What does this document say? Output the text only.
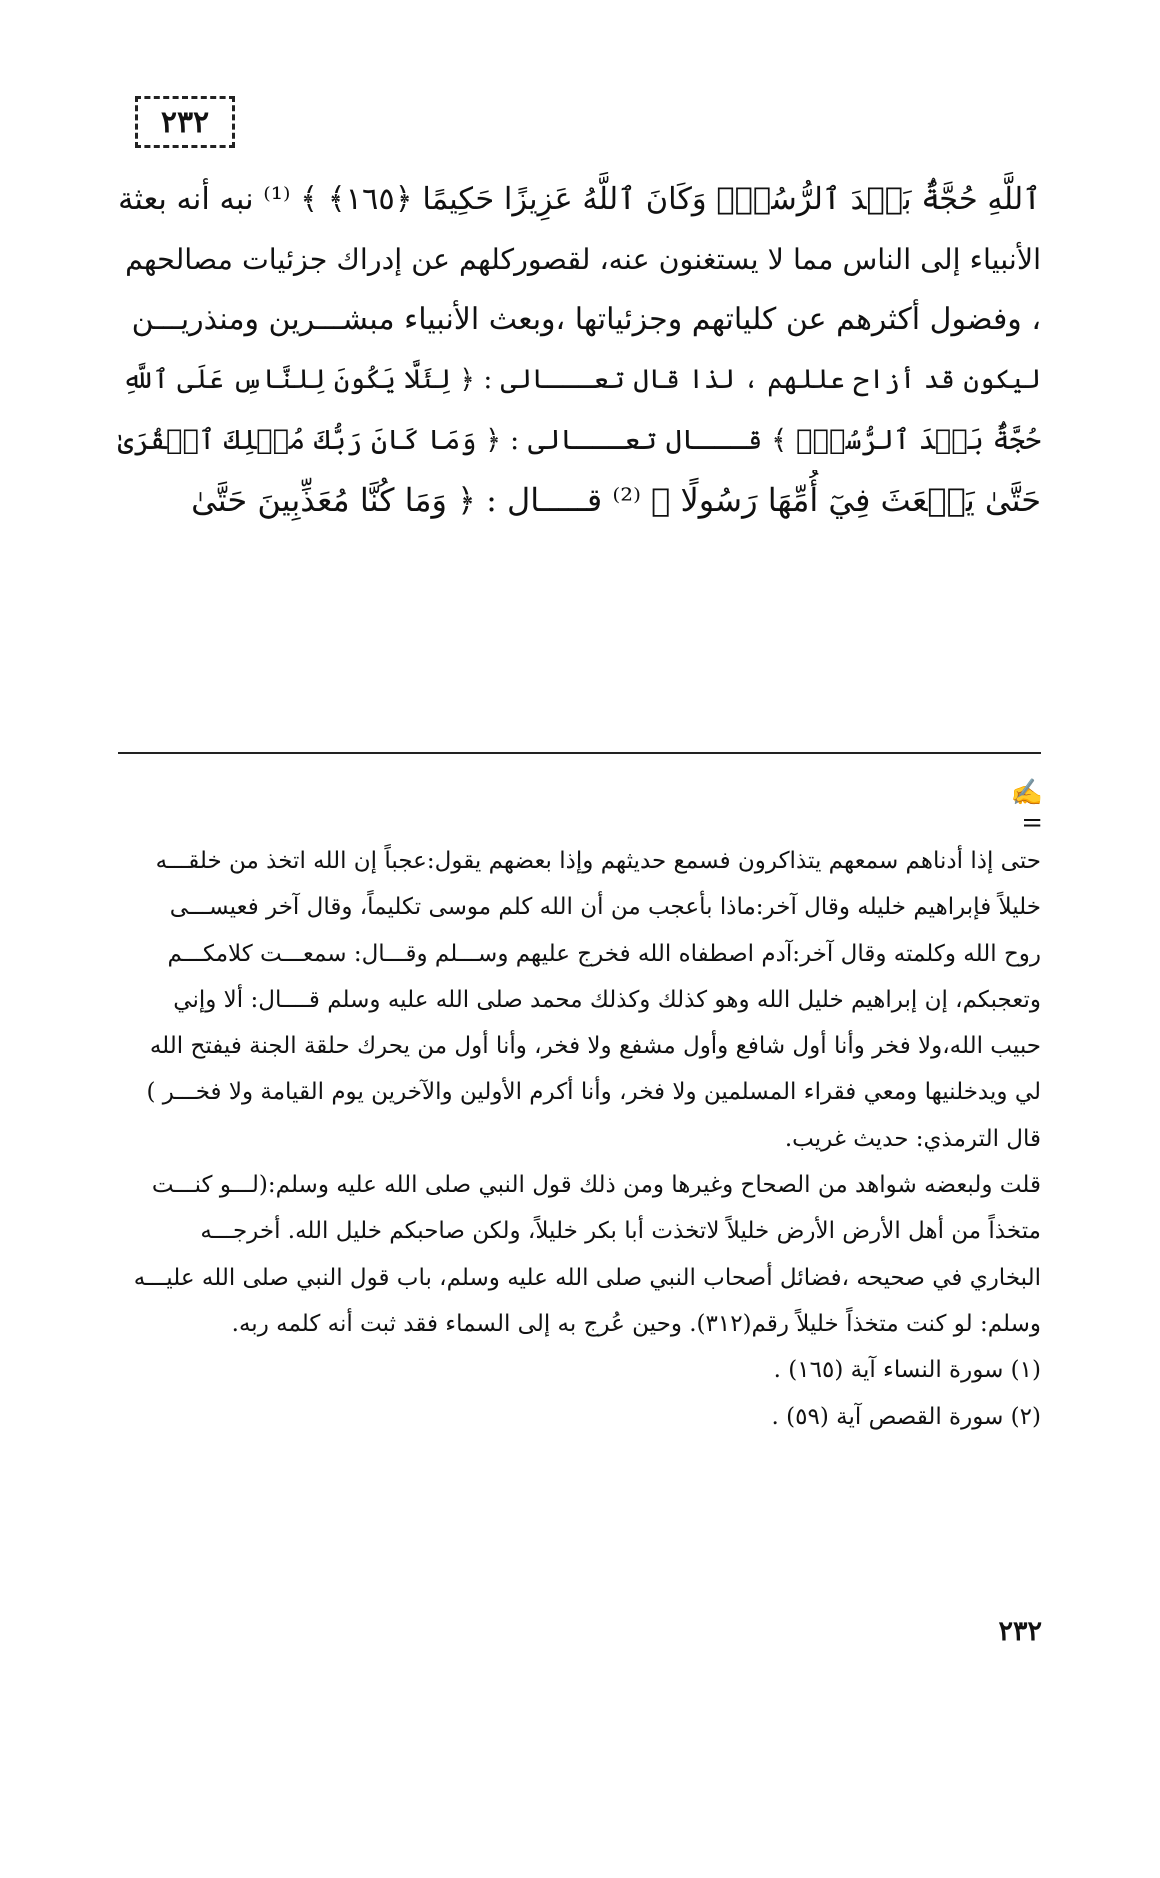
٢٣٢
ٱللَّهِ حُجَّةٌۢ بَعۡدَ ٱلرُّسُلِۚ وَكَانَ ٱللَّهُ عَزِيزًا حَكِيمًا ﴿١٦٥﴾ ﴾ ⁽¹⁾ نبه أنه بعثة
الأنبياء إلى الناس مما لا يستغنون عنه، لقصوركلهم عن إدراك جزئيات مصالحهم
، وفضول أكثرهم عن كلياتهم وجزئياتها ،وبعث الأنبياء مبشـــرين ومنذريـــن
ليكون قد أزاح عللهم ، لذا قال تعـــالى : ﴿ لِئَلَّا يَكُونَ لِلنَّاسِ عَلَى ٱللَّهِ
حُجَّةٌۢ بَعۡدَ ٱلرُّسُلِۚ ﴾ قـــال تعـــالى : ﴿ وَمَا كَانَ رَبُّكَ مُهۡلِكَ ٱلۡقُرَىٰ
حَتَّىٰ يَبۡعَثَ فِيٓ أُمِّهَا رَسُولًا ﴾ ⁽²⁾ قـــــال : ﴿ وَمَا كُنَّا مُعَذِّبِينَ حَتَّىٰ
✍=
حتى إذا أدناهم سمعهم يتذاكرون فسمع حديثهم وإذا بعضهم يقول:عجباً إن الله اتخذ من خلقـــه
خليلاً فإبراهيم خليله وقال آخر:ماذا بأعجب من أن الله كلم موسى تكليماً، وقال آخر فعيســـى
روح الله وكلمته وقال آخر:آدم اصطفاه الله فخرج عليهم وســـلم وقـــال: سمعـــت كلامكـــم
وتعجبكم، إن إبراهيم خليل الله وهو كذلك وكذلك محمد صلى الله عليه وسلم قــــال: ألا وإني
حبيب الله،ولا فخر وأنا أول شافع وأول مشفع ولا فخر، وأنا أول من يحرك حلقة الجنة فيفتح الله
لي ويدخلنيها ومعي فقراء المسلمين ولا فخر، وأنا أكرم الأولين والآخرين يوم القيامة ولا فخـــر )
قال الترمذي: حديث غريب.
قلت ولبعضه شواهد من الصحاح وغيرها ومن ذلك قول النبي صلى الله عليه وسلم:(لـــو كنـــت
متخذاً من أهل الأرض الأرض خليلاً لاتخذت أبا بكر خليلاً، ولكن صاحبكم خليل الله. أخرجـــه
البخاري في صحيحه ،فضائل أصحاب النبي صلى الله عليه وسلم، باب قول النبي صلى الله عليـــه
وسلم: لو كنت متخذاً خليلاً رقم(٣١٢). وحين عُرج به إلى السماء فقد ثبت أنه كلمه ربه.
(١) سورة النساء آية (١٦٥) .
(٢) سورة القصص آية (٥٩) .
٢٣٢
